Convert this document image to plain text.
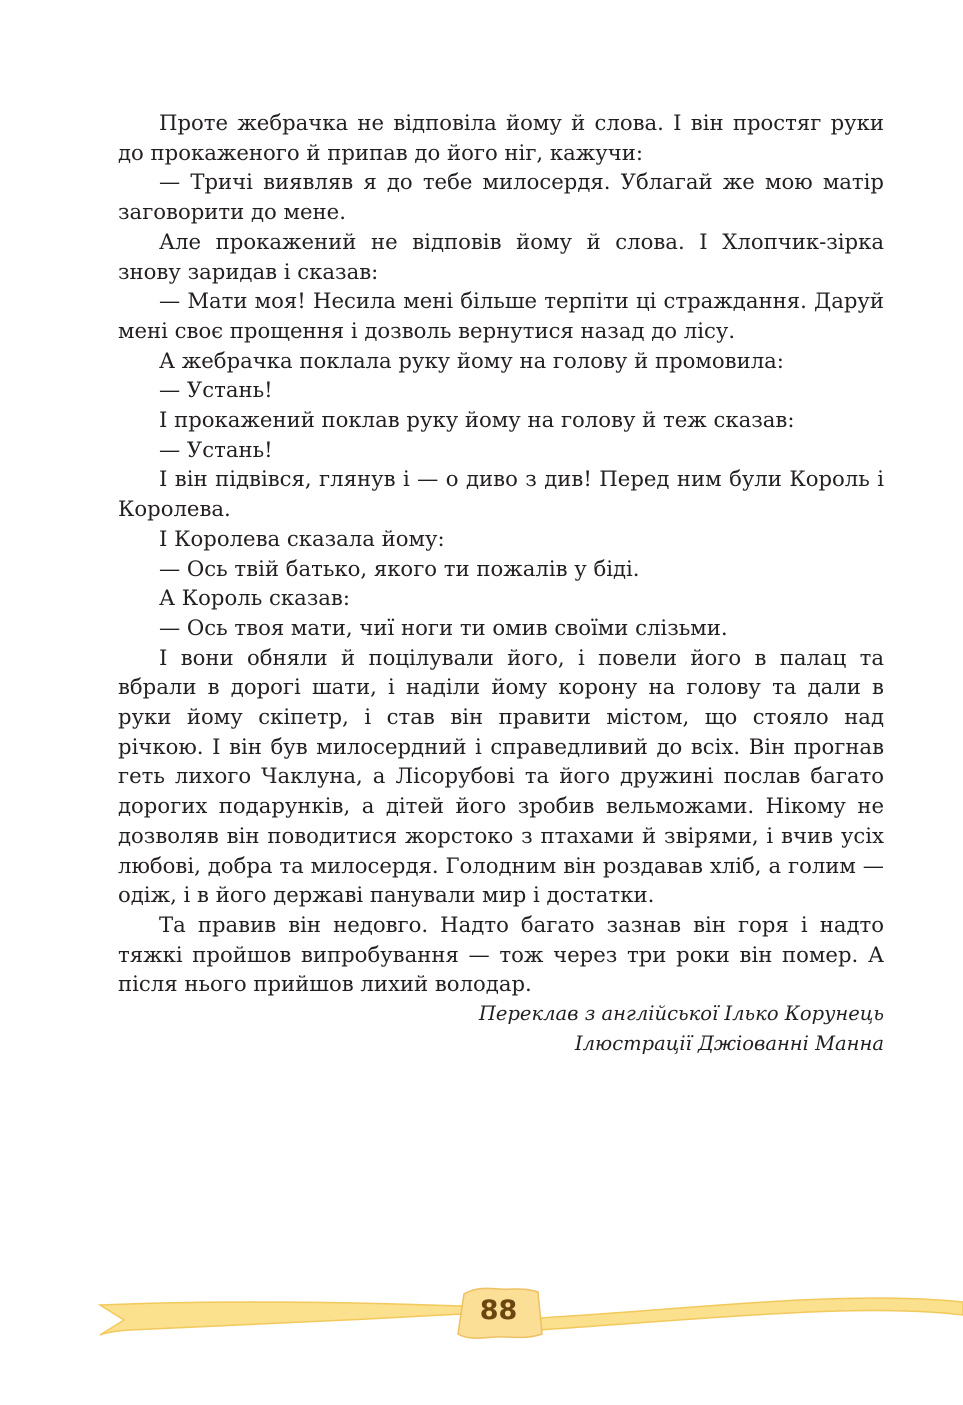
Проте жебрачка не відповіла йому й слова. І він простяг руки до прокаженого й припав до його ніг, кажучи:

— Тричі виявляв я до тебе милосердя. Ублагай же мою матір заговорити до мене.

Але прокажений не відповів йому й слова. І Хлопчик-зірка знову заридав і сказав:

— Мати моя! Несила мені більше терпіти ці страждання. Даруй мені своє прощення і дозволь вернутися назад до лісу.

А жебрачка поклала руку йому на голову й промовила:

— Устань!

І прокажений поклав руку йому на голову й теж сказав:

— Устань!

І він підвівся, глянув і — о диво з див! Перед ним були Король і Королева.

І Королева сказала йому:

— Ось твій батько, якого ти пожалів у біді.

А Король сказав:

— Ось твоя мати, чиї ноги ти омив своїми слізьми.

І вони обняли й поцілували його, і повели його в палац та вбрали в дорогі шати, і наділи йому корону на голову та дали в руки йому скіпетр, і став він правити містом, що стояло над річкою. І він був милосердний і справедливий до всіх. Він прогнав геть лихого Чаклуна, а Лісорубові та його дружині послав багато дорогих подарунків, а дітей його зробив вельможами. Нікому не дозволяв він поводитися жорстоко з птахами й звірями, і вчив усіх любові, добра та милосердя. Голодним він роздавав хліб, а голим — одіж, і в його державі панували мир і достатки.

Та правив він недовго. Надто багато зазнав він горя і надто тяжкі пройшов випробування — тож через три роки він помер. А після нього прийшов лихий володар.

Переклав з англійської Ілько Корунець

Ілюстрації Джіованні Манна

88
